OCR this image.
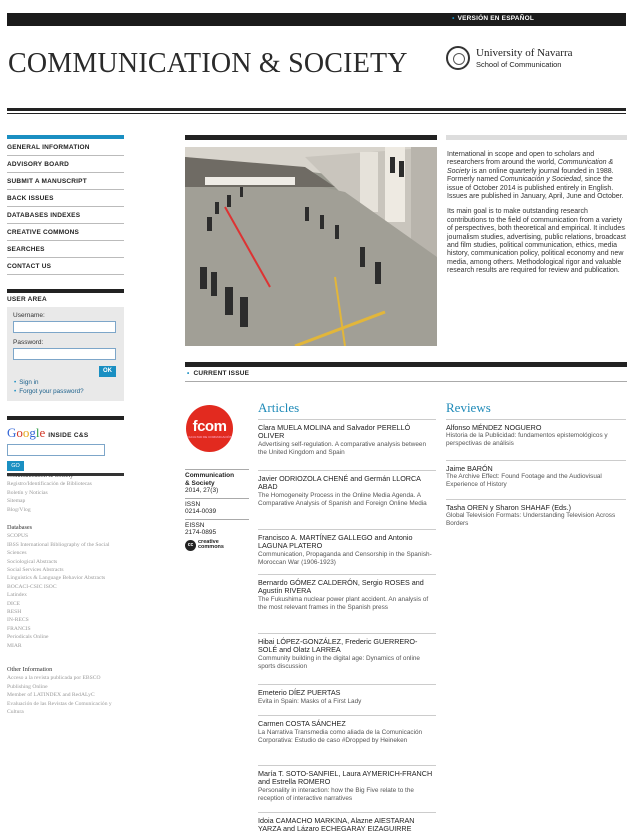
• VERSIÓN EN ESPAÑOL
COMMUNICATION & SOCIETY	University of Navarra
School of Communication
GENERAL INFORMATION
ADVISORY BOARD
SUBMIT A MANUSCRIPT
BACK ISSUES
DATABASES INDEXES
CREATIVE COMMONS
SEARCHES
CONTACT US
USER AREA
Username:
Password:
OK
• Sign in
• Forgot your password?
Google INSIDE C&S
GO
Communication & Society
Registro/Identificación de Bibliotecas
Boletín y Noticias
Sitemap
Blog/Vlog
Databases
SCOPUS
IBSS International Bibliography of the Social Sciences
Sociological Abstracts
Social Services Abstracts
Linguistics & Language Behavior Abstracts
BOCACI-CSIC ISOC
Latindex
DICE
RESH
IN-RECS
FRANCIS
Periodicals Online
MIAR
Other Information
Acceso a la revista publicada por EBSCO
Publishing Online
Member of LATINDEX and RedALyC
Evaluación de las Revistas de Comunicación y Cultura

International in scope and open to scholars and researchers from around the world, Communication & Society is an online quarterly journal founded in 1988. Formerly named Comunicación y Sociedad, since the issue of October 2014 is published entirely in English. Issues are published in January, April, June and October.

Its main goal is to make outstanding research contributions to the field of communication from a variety of perspectives, both theoretical and empirical. It includes journalism studies, advertising, public relations, broadcast and film studies, political communication, ethics, media history, communication policy, political economy and new media, among others. Methodological rigor and valuable research results are required for review and publication.

• CURRENT ISSUE
fcom
FACULTAD DE COMUNICACIÓN
Communication
& Society
2014, 27(3)
ISSN
0214-0039
EISSN
2174-0895
cc creative
commons
Articles
Clara MUELA MOLINA and Salvador PERELLÓ OLIVER
Advertising self-regulation. A comparative analysis between the United Kingdom and Spain
Javier ODRIOZOLA CHENÉ and Germán LLORCA ABAD
The Homogeneity Process in the Online Media Agenda. A Comparative Analysis of Spanish and Foreign Online Media
Francisco A. MARTÍNEZ GALLEGO and Antonio LAGUNA PLATERO
Communication, Propaganda and Censorship in the Spanish-Moroccan War (1906-1923)
Bernardo GÓMEZ CALDERÓN, Sergio ROSES and Agustín RIVERA
The Fukushima nuclear power plant accident. An analysis of the most relevant frames in the Spanish press
Hibai LÓPEZ-GONZÁLEZ, Frederic GUERRERO-SOLÉ and Olatz LARREA
Community building in the digital age: Dynamics of online sports discussion
Emeterio DÍEZ PUERTAS
Evita in Spain: Masks of a First Lady
Carmen COSTA SÁNCHEZ
La Narrativa Transmedia como aliada de la Comunicación Corporativa: Estudio de caso #Dropped by Heineken
María T. SOTO-SANFIEL, Laura AYMERICH-FRANCH and Estrella ROMERO
Personality in interaction: how the Big Five relate to the reception of interactive narratives
Idoia CAMACHO MARKINA, Alazne AIESTARAN YARZA and Lázaro ECHEGARAY EIZAGUIRRE
Reviews
Alfonso MÉNDEZ NOGUERO
Historia de la Publicidad: fundamentos epistemológicos y perspectivas de análisis
Jaime BARÓN
The Archive Effect: Found Footage and the Audiovisual Experience of History
Tasha OREN y Sharon SHAHAF (Eds.)
Global Television Formats: Understanding Television Across Borders
